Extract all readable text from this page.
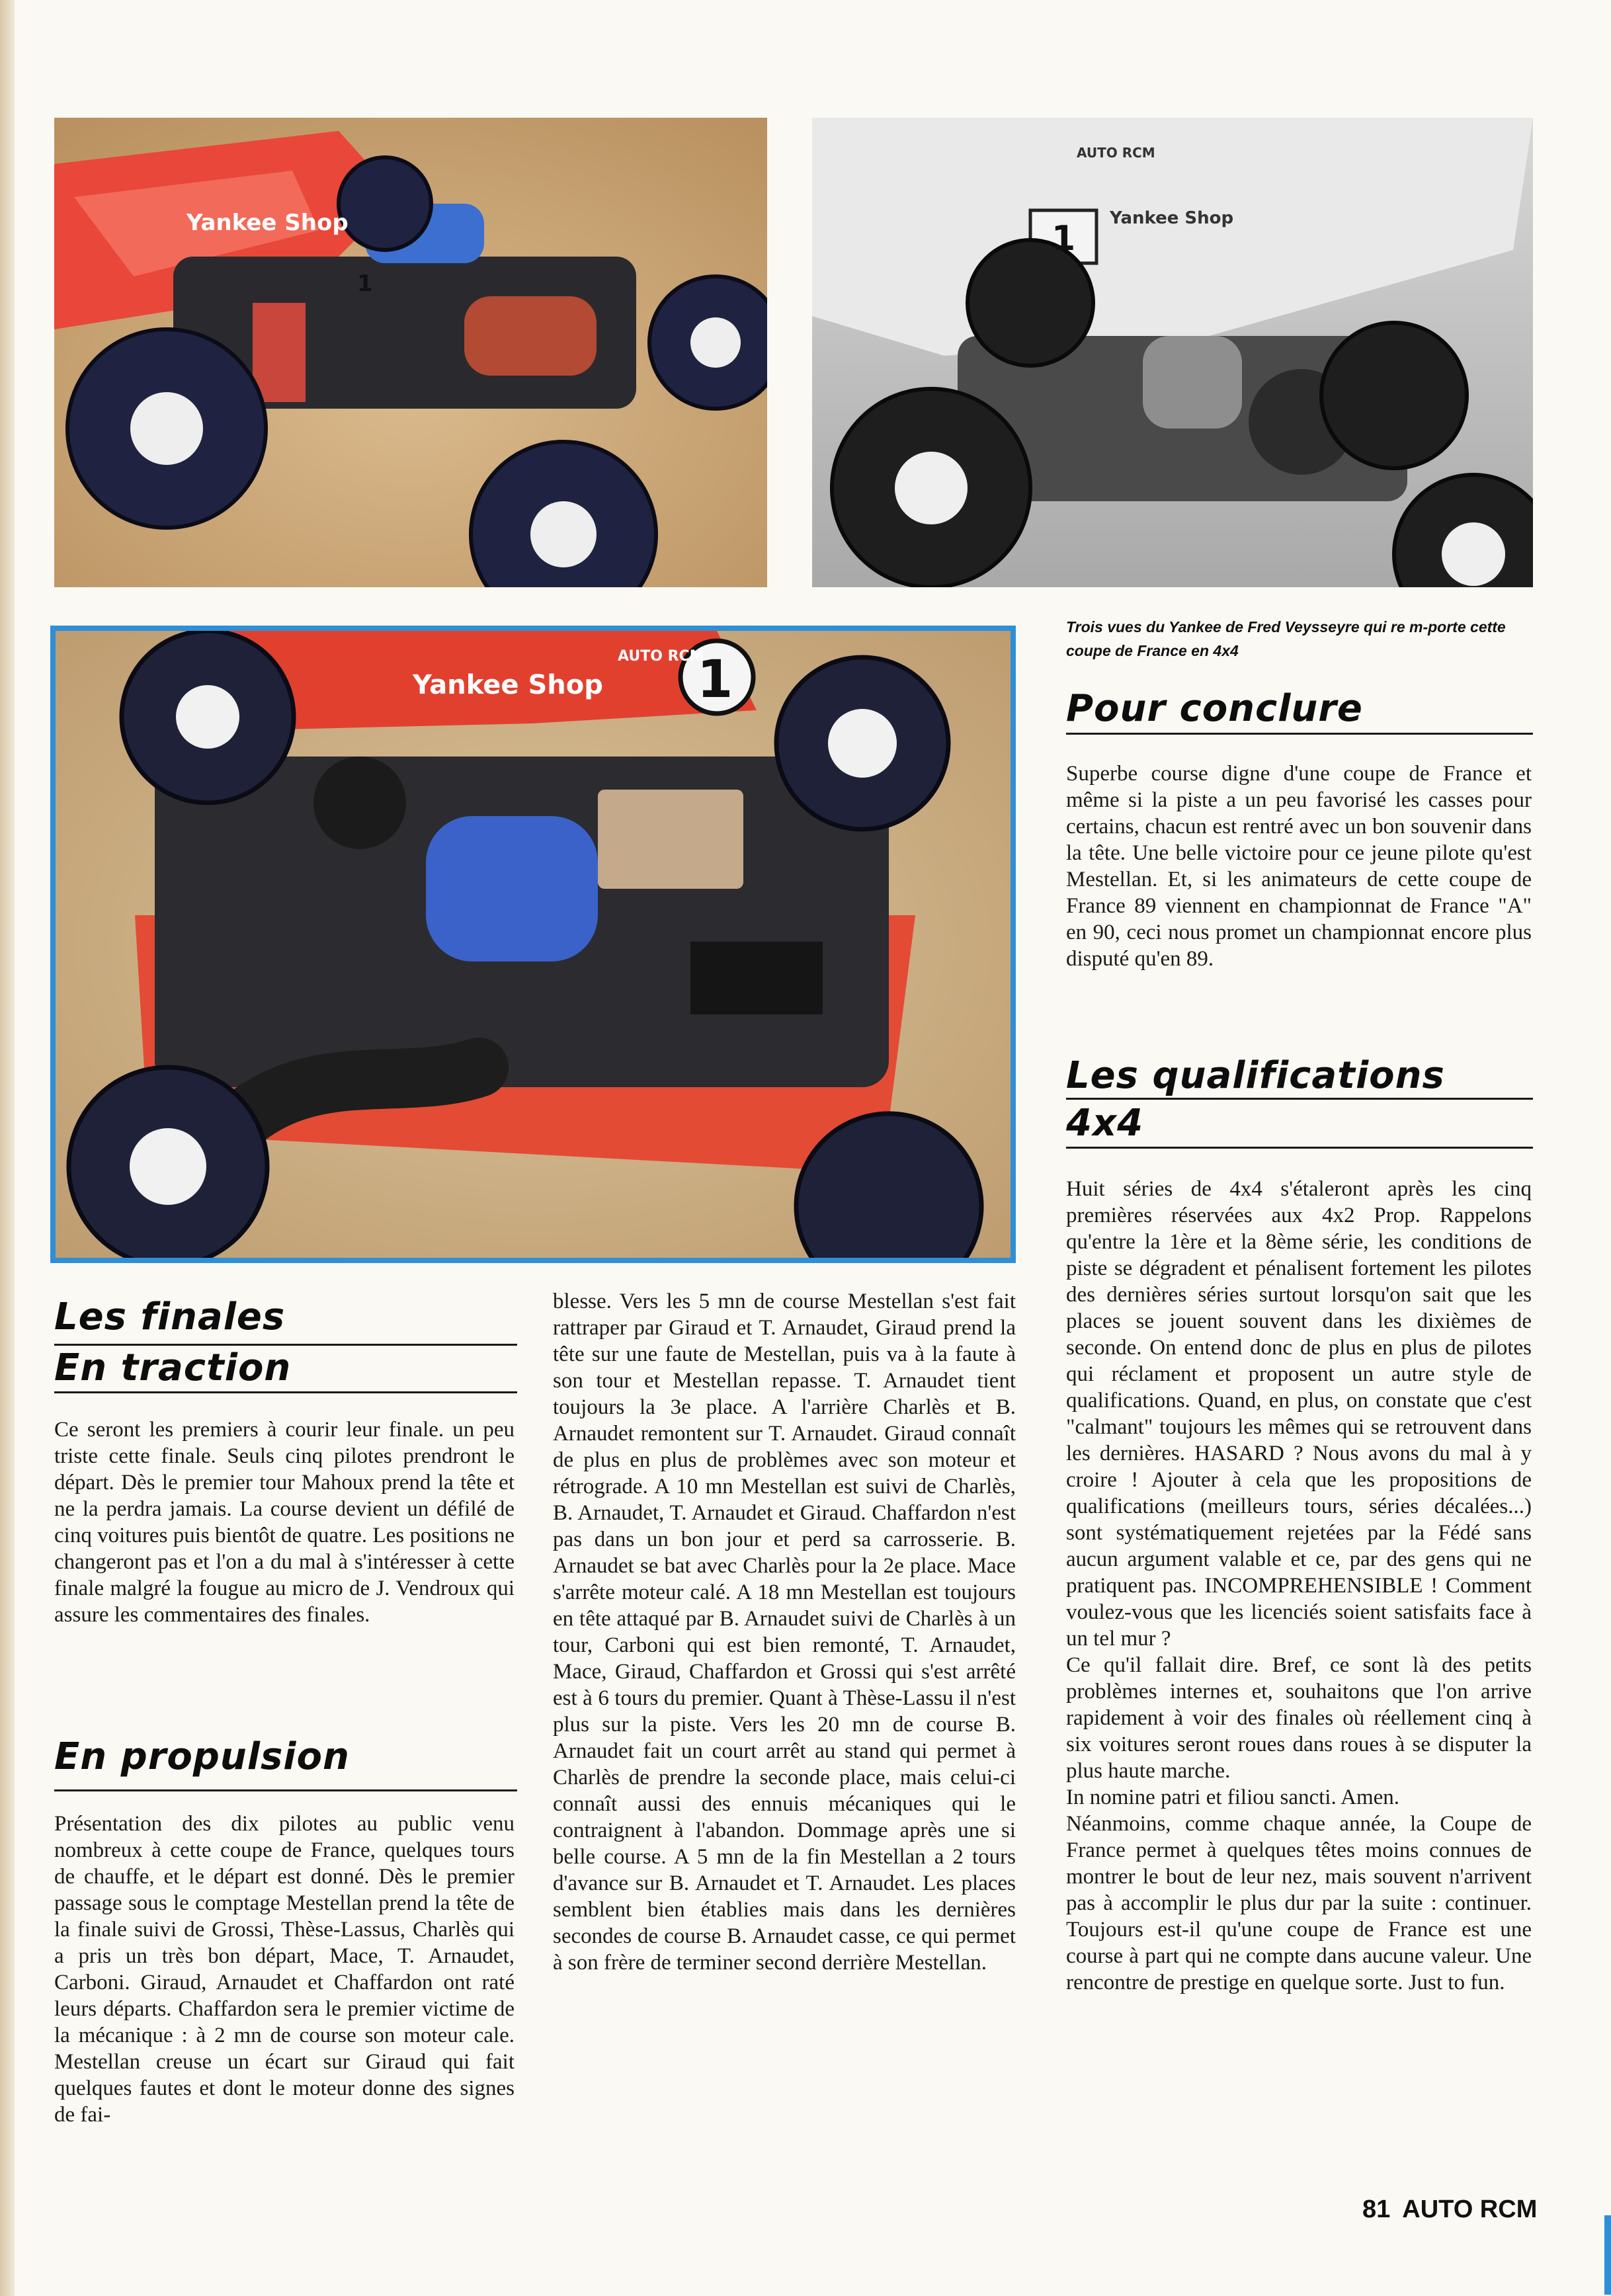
Yankee Shop
1
1
Yankee Shop
AUTO RCM
1
Yankee Shop
AUTO RCM
Trois vues du Yankee de Fred Veysseyre qui re m-porte cette coupe de France en 4x4
Pour conclure

Superbe course digne d'une coupe de France et même si la piste a un peu favorisé les casses pour certains, chacun est rentré avec un bon souvenir dans la tête. Une belle victoire pour ce jeune pilote qu'est Mestellan. Et, si les animateurs de cette coupe de France 89 viennent en championnat de France "A" en 90, ceci nous promet un championnat encore plus disputé qu'en 89.

Les qualifications
4x4

Huit séries de 4x4 s'étaleront après les cinq premières réservées aux 4x2 Prop. Rappelons qu'entre la 1ère et la 8ème série, les conditions de piste se dégradent et pénalisent fortement les pilotes des dernières séries surtout lorsqu'on sait que les places se jouent souvent dans les dixièmes de seconde. On entend donc de plus en plus de pilotes qui réclament et proposent un autre style de qualifications. Quand, en plus, on constate que c'est "calmant" toujours les mêmes qui se retrouvent dans les dernières. HASARD ? Nous avons du mal à y croire ! Ajouter à cela que les propositions de qualifications (meilleurs tours, séries décalées...) sont systématiquement rejetées par la Fédé sans aucun argument valable et ce, par des gens qui ne pratiquent pas. INCOMPREHENSIBLE ! Comment voulez-vous que les licenciés soient satisfaits face à un tel mur ?

Ce qu'il fallait dire. Bref, ce sont là des petits problèmes internes et, souhaitons que l'on arrive rapidement à voir des finales où réellement cinq à six voitures seront roues dans roues à se disputer la plus haute marche.

In nomine patri et filiou sancti. Amen.

Néanmoins, comme chaque année, la Coupe de France permet à quelques têtes moins connues de montrer le bout de leur nez, mais souvent n'arrivent pas à accomplir le plus dur par la suite : continuer. Toujours est-il qu'une coupe de France est une course à part qui ne compte dans aucune valeur. Une rencontre de prestige en quelque sorte. Just to fun.

Les finales
En traction

Ce seront les premiers à courir leur finale. un peu triste cette finale. Seuls cinq pilotes prendront le départ. Dès le premier tour Mahoux prend la tête et ne la perdra jamais. La course devient un défilé de cinq voitures puis bientôt de quatre. Les positions ne changeront pas et l'on a du mal à s'intéresser à cette finale malgré la fougue au micro de J. Vendroux qui assure les commentaires des finales.

En propulsion

Présentation des dix pilotes au public venu nombreux à cette coupe de France, quelques tours de chauffe, et le départ est donné. Dès le premier passage sous le comptage Mestellan prend la tête de la finale suivi de Grossi, Thèse-Lassus, Charlès qui a pris un très bon départ, Mace, T. Arnaudet, Carboni. Giraud, Arnaudet et Chaffardon ont raté leurs départs. Chaffardon sera le premier victime de la mécanique : à 2 mn de course son moteur cale. Mestellan creuse un écart sur Giraud qui fait quelques fautes et dont le moteur donne des signes de fai-

blesse. Vers les 5 mn de course Mestellan s'est fait rattraper par Giraud et T. Arnaudet, Giraud prend la tête sur une faute de Mestellan, puis va à la faute à son tour et Mestellan repasse. T. Arnaudet tient toujours la 3e place. A l'arrière Charlès et B. Arnaudet remontent sur T. Arnaudet. Giraud connaît de plus en plus de problèmes avec son moteur et rétrograde. A 10 mn Mestellan est suivi de Charlès, B. Arnaudet, T. Arnaudet et Giraud. Chaffardon n'est pas dans un bon jour et perd sa carrosserie. B. Arnaudet se bat avec Charlès pour la 2e place. Mace s'arrête moteur calé. A 18 mn Mestellan est toujours en tête attaqué par B. Arnaudet suivi de Charlès à un tour, Carboni qui est bien remonté, T. Arnaudet, Mace, Giraud, Chaffardon et Grossi qui s'est arrêté est à 6 tours du premier. Quant à Thèse-Lassu il n'est plus sur la piste. Vers les 20 mn de course B. Arnaudet fait un court arrêt au stand qui permet à Charlès de prendre la seconde place, mais celui-ci connaît aussi des ennuis mécaniques qui le contraignent à l'abandon. Dommage après une si belle course. A 5 mn de la fin Mestellan a 2 tours d'avance sur B. Arnaudet et T. Arnaudet. Les places semblent bien établies mais dans les dernières secondes de course B. Arnaudet casse, ce qui permet à son frère de terminer second derrière Mestellan.

81 AUTO RCM
